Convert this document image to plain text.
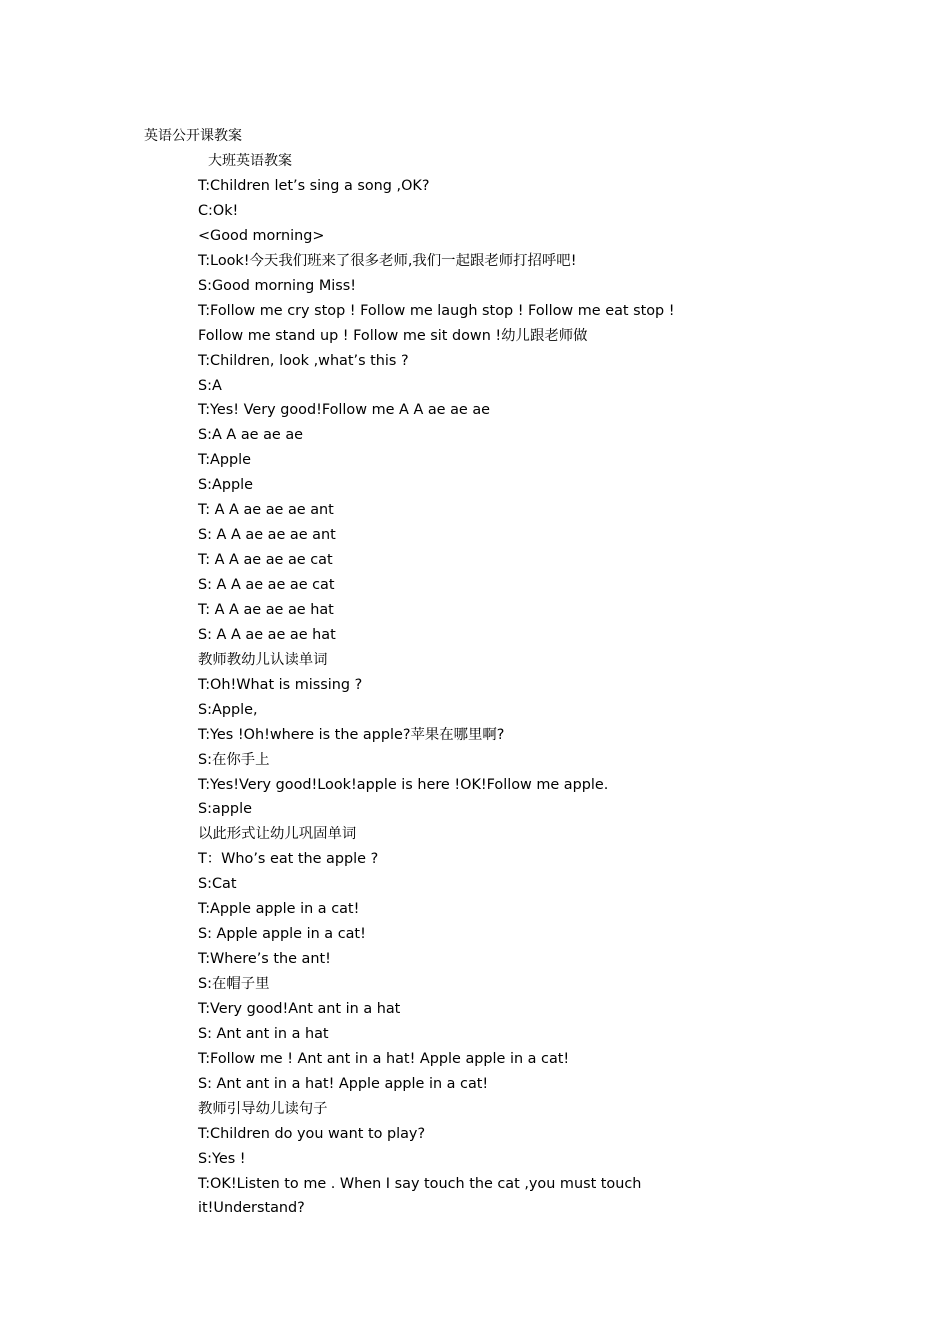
英语公开课教案
大班英语教案
T:Children let’s sing a song ,OK?
C:Ok!
<Good morning>
T:Look!今天我们班来了很多老师,我们一起跟老师打招呼吧!
S:Good morning Miss!
T:Follow me cry stop ! Follow me laugh stop ! Follow me eat stop !
Follow me stand up ! Follow me sit down !幼儿跟老师做
T:Children, look ,what’s this ?
S:A
T:Yes! Very good!Follow me A A ae ae ae
S:A A ae ae ae
T:Apple
S:Apple
T: A A ae ae ae ant
S: A A ae ae ae ant
T: A A ae ae ae cat
S: A A ae ae ae cat
T: A A ae ae ae hat
S: A A ae ae ae hat
教师教幼儿认读单词
T:Oh!What is missing ?
S:Apple,
T:Yes !Oh!where is the apple?苹果在哪里啊?
S:在你手上
T:Yes!Very good!Look!apple is here !OK!Follow me apple.
S:apple
以此形式让幼儿巩固单词
T：Who’s eat the apple ?
S:Cat
T:Apple apple in a cat!
S: Apple apple in a cat!
T:Where’s the ant!
S:在帽子里
T:Very good!Ant ant in a hat
S: Ant ant in a hat
T:Follow me ! Ant ant in a hat! Apple apple in a cat!
S: Ant ant in a hat! Apple apple in a cat!
教师引导幼儿读句子
T:Children do you want to play?
S:Yes !
T:OK!Listen to me . When I say touch the cat ,you must touch
it!Understand?
